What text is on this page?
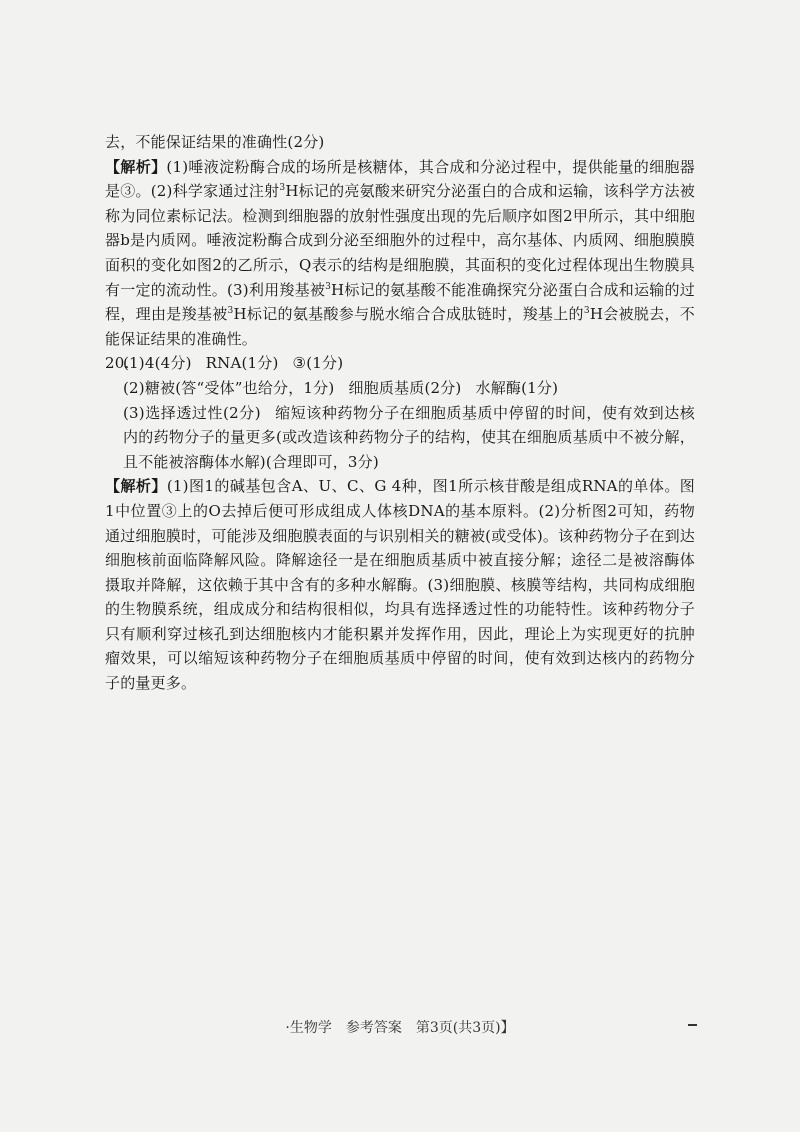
去，不能保证结果的准确性(2分)

【解析】(1)唾液淀粉酶合成的场所是核糖体，其合成和分泌过程中，提供能量的细胞器是③。(2)科学家通过注射$^3$H标记的亮氨酸来研究分泌蛋白的合成和运输，该科学方法被称为同位素标记法。检测到细胞器的放射性强度出现的先后顺序如图2甲所示，其中细胞器b是内质网。唾液淀粉酶合成到分泌至细胞外的过程中，高尔基体、内质网、细胞膜膜面积的变化如图2的乙所示，Q表示的结构是细胞膜，其面积的变化过程体现出生物膜具有一定的流动性。(3)利用羧基被$^3$H标记的氨基酸不能准确探究分泌蛋白合成和运输的过程，理由是羧基被$^3$H标记的氨基酸参与脱水缩合合成肽链时，羧基上的$^3$H会被脱去，不能保证结果的准确性。

20.(1)4(4分) RNA(1分) ③(1分)

(2)糖被(答“受体”也给分，1分) 细胞质基质(2分) 水解酶(1分)

(3)选择透过性(2分) 缩短该种药物分子在细胞质基质中停留的时间，使有效到达核内的药物分子的量更多(或改造该种药物分子的结构，使其在细胞质基质中不被分解，且不能被溶酶体水解)(合理即可，3分)

【解析】(1)图1的碱基包含A、U、C、G 4种，图1所示核苷酸是组成RNA的单体。图1中位置③上的O去掉后便可形成组成人体核DNA的基本原料。(2)分析图2可知，药物通过细胞膜时，可能涉及细胞膜表面的与识别相关的糖被(或受体)。该种药物分子在到达细胞核前面临降解风险。降解途径一是在细胞质基质中被直接分解；途径二是被溶酶体摄取并降解，这依赖于其中含有的多种水解酶。(3)细胞膜、核膜等结构，共同构成细胞的生物膜系统，组成成分和结构很相似，均具有选择透过性的功能特性。该种药物分子只有顺利穿过核孔到达细胞核内才能积累并发挥作用，因此，理论上为实现更好的抗肿瘤效果，可以缩短该种药物分子在细胞质基质中停留的时间，使有效到达核内的药物分子的量更多。

·生物学　参考答案　第3页(共3页)】
